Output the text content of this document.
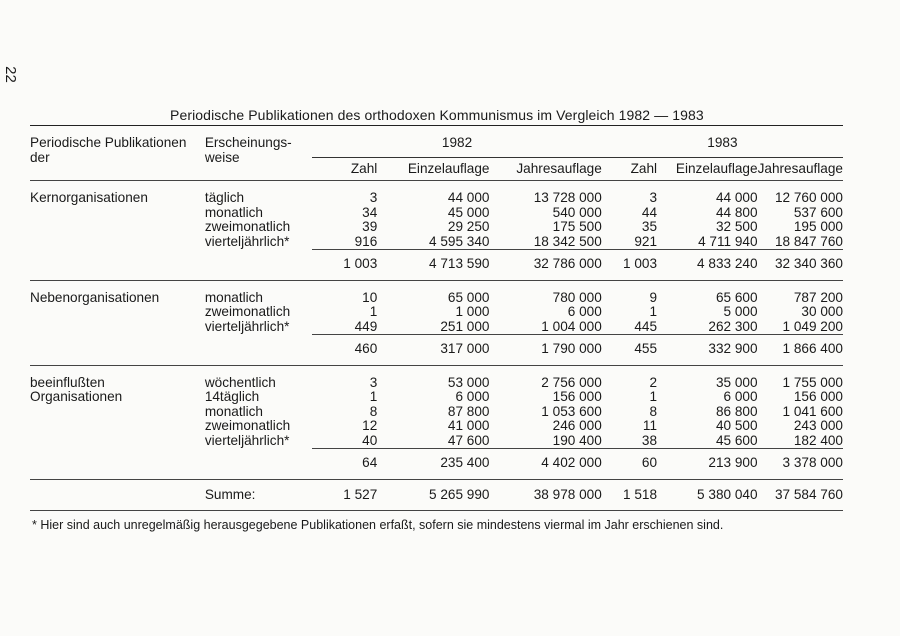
22
Periodische Publikationen des orthodoxen Kommunismus im Vergleich 1982 — 1983

Periodische Publikationen der	Erscheinungs-weise	1982			1983		
		Zahl	Einzelauflage	Jahresauflage	Zahl	Einzelauflage	Jahresauflage

Kernorganisationen	täglich	3	44 000	13 728 000	3	44 000	12 760 000
	monatlich	34	45 000	540 000	44	44 800	537 600
	zweimonatlich	39	29 250	175 500	35	32 500	195 000
	vierteljährlich*	916	4 595 340	18 342 500	921	4 711 940	18 847 760
		1 003	4 713 590	32 786 000	1 003	4 833 240	32 340 360

Nebenorganisationen	monatlich	10	65 000	780 000	9	65 600	787 200
	zweimonatlich	1	1 000	6 000	1	5 000	30 000
	vierteljährlich*	449	251 000	1 004 000	445	262 300	1 049 200
		460	317 000	1 790 000	455	332 900	1 866 400

beeinflußten	wöchentlich	3	53 000	2 756 000	2	35 000	1 755 000
Organisationen	14täglich	1	6 000	156 000	1	6 000	156 000
	monatlich	8	87 800	1 053 600	8	86 800	1 041 600
	zweimonatlich	12	41 000	246 000	11	40 500	243 000
	vierteljährlich*	40	47 600	190 400	38	45 600	182 400
		64	235 400	4 402 000	60	213 900	3 378 000
	Summe:	1 527	5 265 990	38 978 000	1 518	5 380 040	37 584 760

* Hier sind auch unregelmäßig herausgegebene Publikationen erfaßt, sofern sie mindestens viermal im Jahr erschienen sind.
